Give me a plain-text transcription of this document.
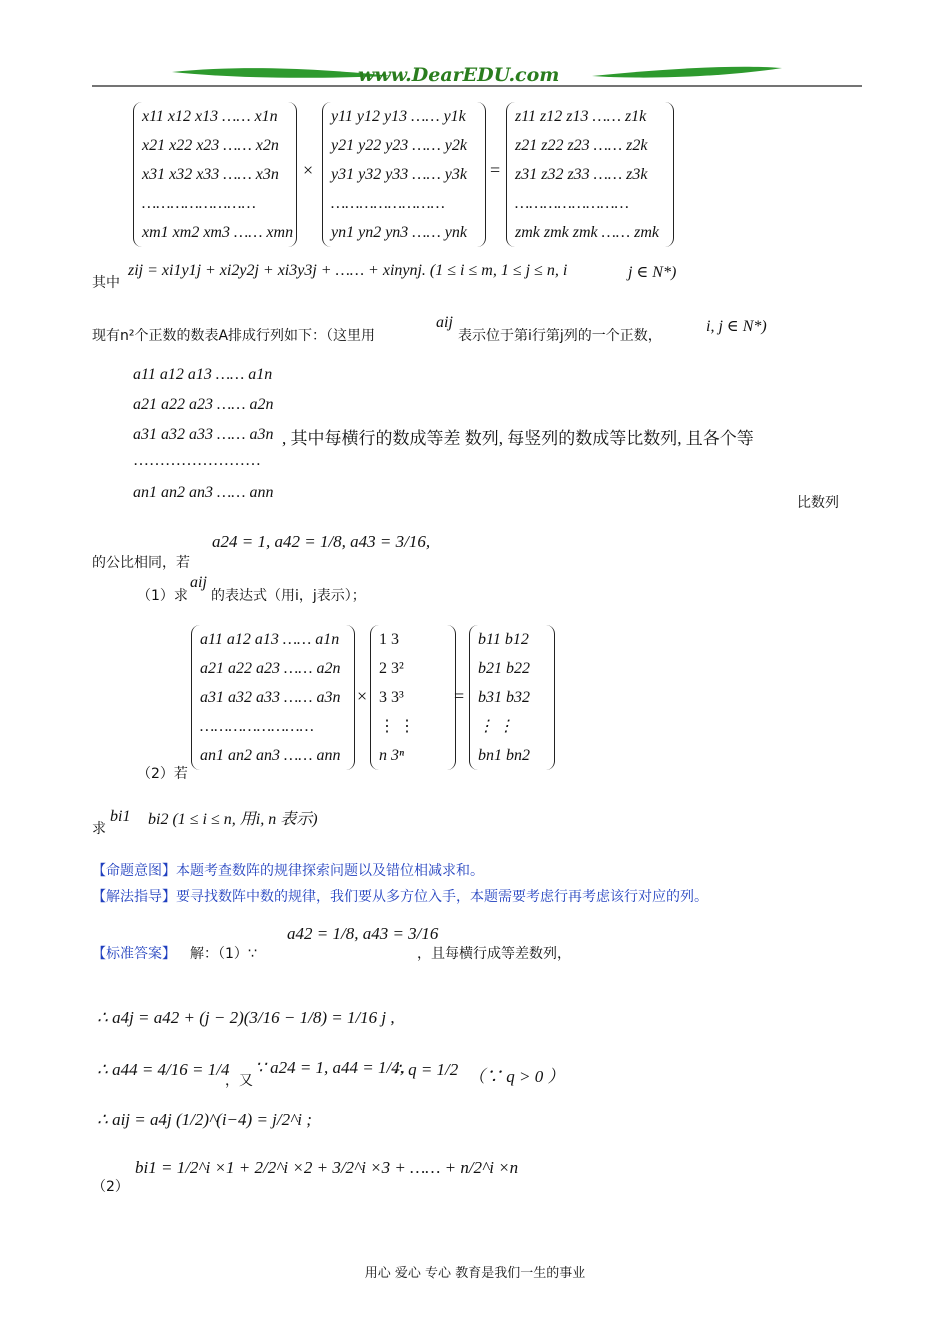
www.DearEDU.com
x11 x12 x13 …… x1n
x21 x22 x23 …… x2n
x31 x32 x33 …… x3n
……………………
xm1 xm2 xm3 …… xmn
×
y11 y12 y13 …… y1k
y21 y22 y23 …… y2k
y31 y32 y33 …… y3k
……………………
yn1 yn2 yn3 …… ynk
=
z11 z12 z13 …… z1k
z21 z22 z23 …… z2k
z31 z32 z33 …… z3k
……………………
zmk zmk zmk …… zmk
其中
zij = xi1y1j + xi2y2j + xi3y3j + …… + xinynj. (1 ≤ i ≤ m, 1 ≤ j ≤ n, i	j ∈ N*)
现有n²个正数的数表A排成行列如下：（这里用
aij
表示位于第i行第j列的一个正数，
i, j ∈ N*)
a11 a12 a13 …… a1n
a21 a22 a23 …… a2n
a31 a32 a33 …… a3n , 其中每横行的数成等差 数列, 每竖列的数成等比数列, 且各个等
……………………
an1 an2 an3 …… ann
比数列
的公比相同，若
a24 = 1, a42 = 1/8, a43 = 3/16,
（1）求
aij
的表达式（用i，j表示）；
a11 a12 a13 …… a1n
a21 a22 a23 …… a2n
a31 a32 a33 …… a3n
……………………
an1 an2 an3 …… ann
×
1 3
2 3²
3 3³
⋮ ⋮
n 3ⁿ
=
b11 b12
b21 b22
b31 b32
⋮ ⋮
bn1 bn2
（2）若
求
bi1 bi2 (1 ≤ i ≤ n, 用i, n 表示)
【命题意图】本题考查数阵的规律探索问题以及错位相减求和。
【解法指导】要寻找数阵中数的规律，我们要从多方位入手，本题需要考虑行再考虑该行对应的列。
【标准答案】 解：（1）∵
a42 = 1/8, a43 = 3/16
，且每横行成等差数列，
∴ a4j = a42 + (j − 2)(3/16 − 1/8) = 1/16 j ,
∴ a44 = 4/16 = 1/4
，又
∵ a24 = 1, a44 = 1/4,
∴ q = 1/2 （∵ q > 0 ）
∴ aij = a4j (1/2)^(i−4) = j/2^i ;
（2）
bi1 = 1/2^i ×1 + 2/2^i ×2 + 3/2^i ×3 + …… + n/2^i ×n
用心 爱心 专心 教育是我们一生的事业
